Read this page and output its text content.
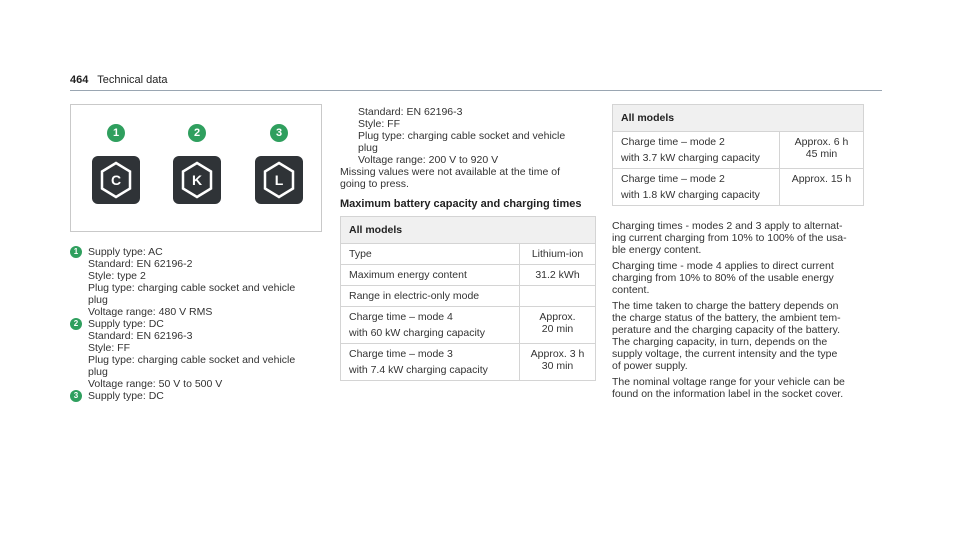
464 Technical data
1
C
2
K
3
L
1 Supply type: AC
Standard: EN 62196-2
Style: type 2
Plug type: charging cable socket and vehicle
plug
Voltage range: 480 V RMS
2 Supply type: DC
Standard: EN 62196-3
Style: FF
Plug type: charging cable socket and vehicle
plug
Voltage range: 50 V to 500 V
3 Supply type: DC
Standard: EN 62196-3
Style: FF
Plug type: charging cable socket and vehicle
plug
Voltage range: 200 V to 920 V
Missing values were not available at the time of
going to press.
Maximum battery capacity and charging times
All models	
Type	Lithium-ion
Maximum energy content	31.2 kWh
Range in electric-only mode	
Charge time – mode 4
with 60 kW charging capacity	Approx.
20 min

Charge time – mode 3
with 7.4 kW charging capacity	Approx. 3 h
30 min
All models	
Charge time – mode 2
with 3.7 kW charging capacity	Approx. 6 h
45 min

Charge time – mode 2
with 1.8 kW charging capacity	Approx. 15 h

Charging times - modes 2 and 3 apply to alternat-
ing current charging from 10% to 100% of the usa-
ble energy content.

Charging time - mode 4 applies to direct current
charging from 10% to 80% of the usable energy
content.

The time taken to charge the battery depends on
the charge status of the battery, the ambient tem-
perature and the charging capacity of the battery.
The charging capacity, in turn, depends on the
supply voltage, the current intensity and the type
of power supply.

The nominal voltage range for your vehicle can be
found on the information label in the socket cover.
